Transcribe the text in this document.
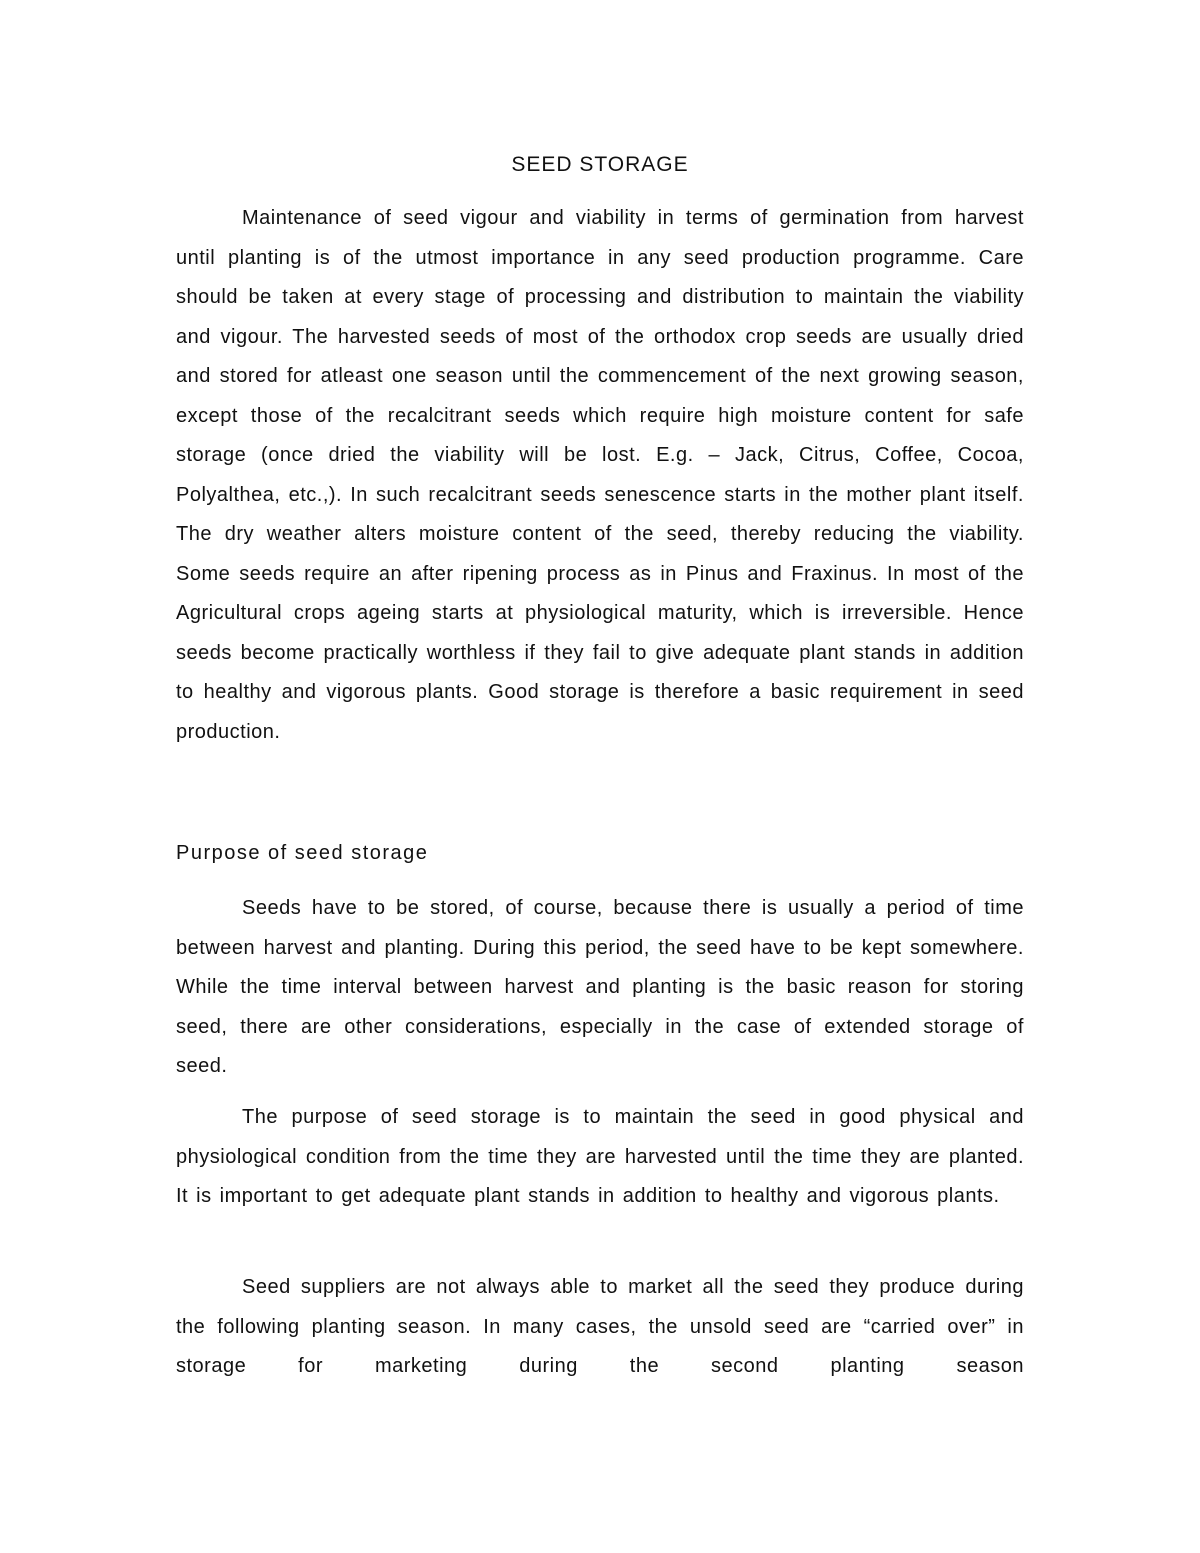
SEED STORAGE

Maintenance of seed vigour and viability in terms of germination from harvest until planting is of the utmost importance in any seed production programme. Care should be taken at every stage of processing and distribution to maintain the viability and vigour. The harvested seeds of most of the orthodox crop seeds are usually dried and stored for atleast one season until the commencement of the next growing season, except those of the recalcitrant seeds which require high moisture content for safe storage (once dried the viability will be lost. E.g. – Jack, Citrus, Coffee, Cocoa, Polyalthea, etc.,). In such recalcitrant seeds senescence starts in the mother plant itself. The dry weather alters moisture content of the seed, thereby reducing the viability. Some seeds require an after ripening process as in Pinus and Fraxinus. In most of the Agricultural crops ageing starts at physiological maturity, which is irreversible. Hence seeds become practically worthless if they fail to give adequate plant stands in addition to healthy and vigorous plants. Good storage is therefore a basic requirement in seed production.

Purpose of seed storage

Seeds have to be stored, of course, because there is usually a period of time between harvest and planting. During this period, the seed have to be kept somewhere. While the time interval between harvest and planting is the basic reason for storing seed, there are other considerations, especially in the case of extended storage of seed.

The purpose of seed storage is to maintain the seed in good physical and physiological condition from the time they are harvested until the time they are planted. It is important to get adequate plant stands in addition to healthy and vigorous plants.

Seed suppliers are not always able to market all the seed they produce during the following planting season. In many cases, the unsold seed are “carried over” in storage for marketing during the second planting season
